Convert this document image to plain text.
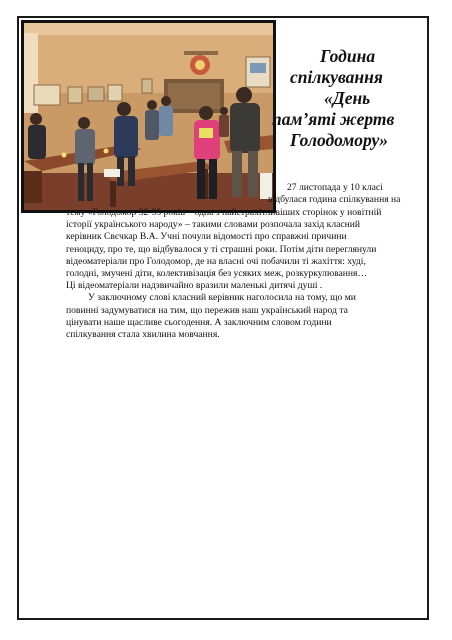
Година
спілкування
«День
пам’яті жертв
Голодомору»
27 листопада у 10 класі
відбулася година спілкування на
тему «Голодомор 32-33 років – одна з найстрахітливіших сторінок у новітній
історії українського народу» – такими словами розпочала захід класний
керівник Свєчкар В.А. Учні почули відомості про справжні причини
геноциду, про те, що відбувалося у ті страшні роки. Потім діти переглянули
відеоматеріали про Голодомор, де на власні очі побачили ті жахіття: худі,
голодні, змучені діти, колективізація без усяких меж, розкуркулювання…
Ці відеоматеріали надзвичайно вразили маленькі дитячі душі .
У заключному слові класний керівник наголосила на тому, що ми
повинні задумуватися на тим, що пережив наш український народ та
цінувати наше щасливе сьогодення. А заключним словом години
спілкування стала хвилина мовчання.
